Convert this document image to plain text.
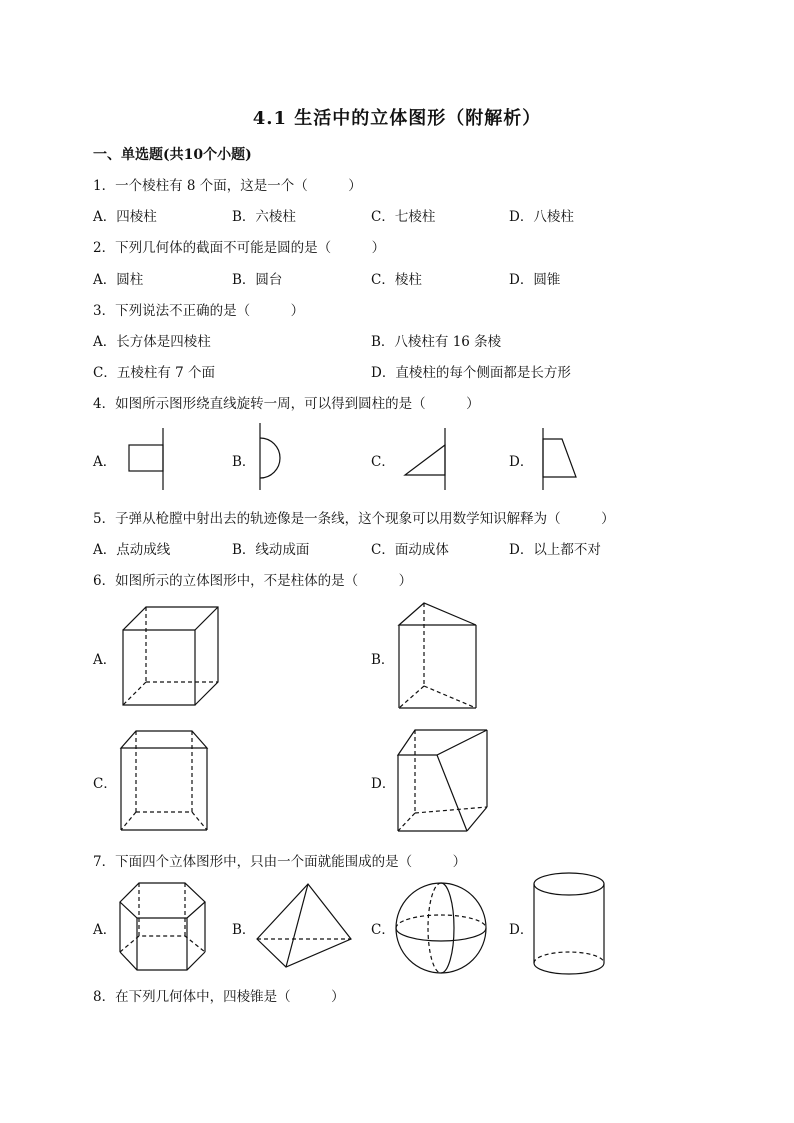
4.1 生活中的立体图形（附解析）
一、单选题(共10个小题)
1．一个棱柱有 8 个面，这是一个（　　　）
A．四棱柱	B．六棱柱	C．七棱柱	D．八棱柱
2．下列几何体的截面不可能是圆的是（　　　）
A．圆柱	B．圆台	C．棱柱	D．圆锥
3．下列说法不正确的是（　　　）
A．长方体是四棱柱	B．八棱柱有 16 条棱
C．五棱柱有 7 个面	D．直棱柱的每个侧面都是长方形
4．如图所示图形绕直线旋转一周，可以得到圆柱的是（　　　）
A．	B．	C．	D．
5．子弹从枪膛中射出去的轨迹像是一条线，这个现象可以用数学知识解释为（　　　）
A．点动成线	B．线动成面	C．面动成体	D．以上都不对
6．如图所示的立体图形中，不是柱体的是（　　　）
A．	B．
C．	D．
7．下面四个立体图形中，只由一个面就能围成的是（　　　）
A．	B．	C．	D．
8．在下列几何体中，四棱锥是（　　　）
